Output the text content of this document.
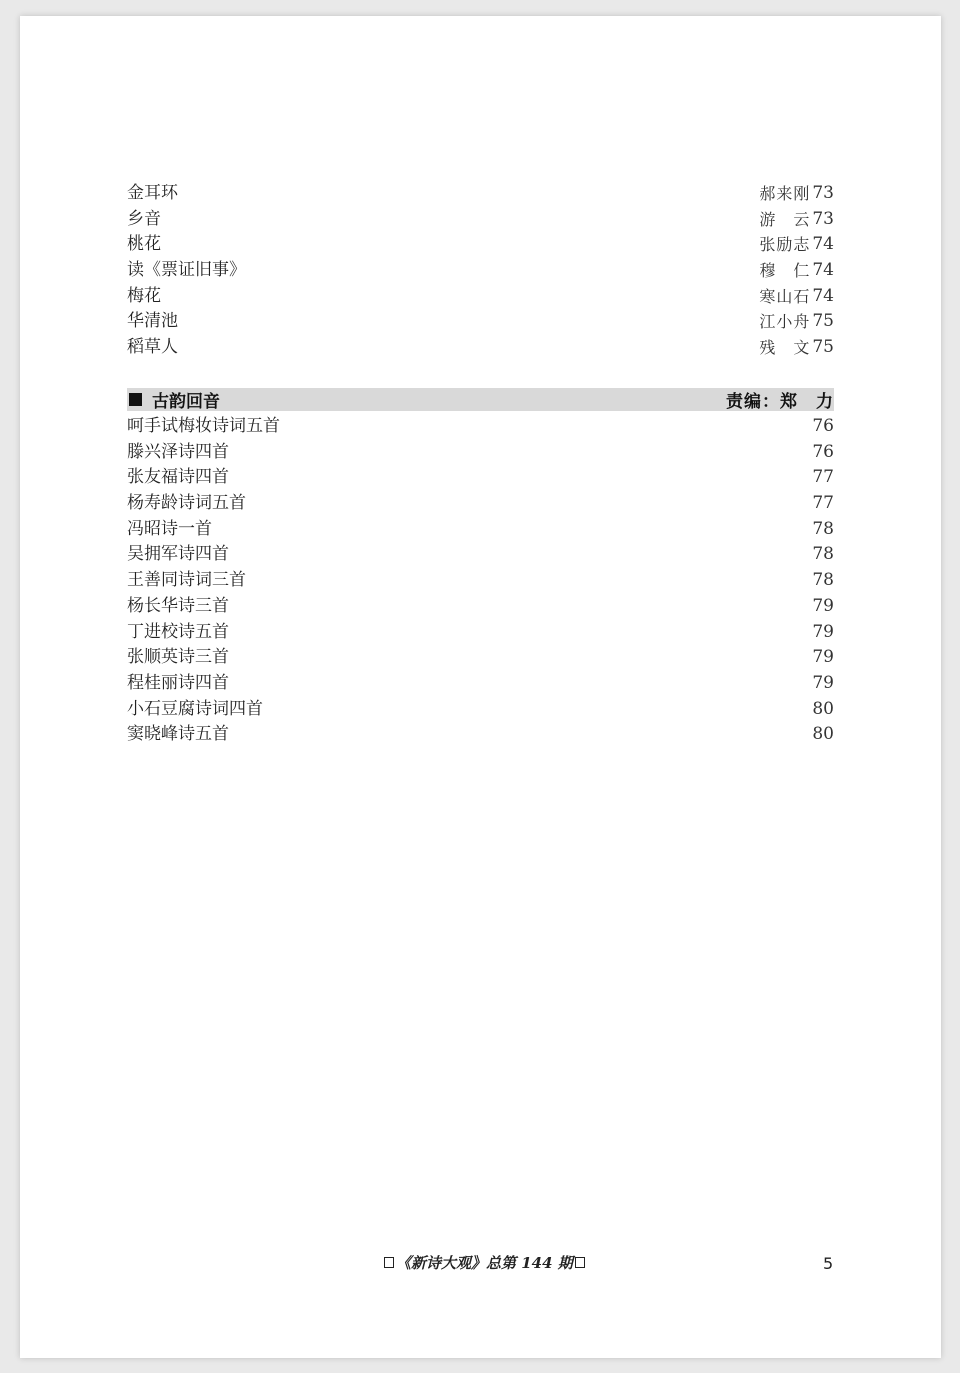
金耳环	郝来刚 73
乡音	游　云 73
桃花	张励志 74
读《票证旧事》	穆　仁 74
梅花	寒山石 74
华清池	江小舟 75
稻草人	残　文 75
古韵回音	责编：郑　力
呵手试梅妆诗词五首	76
滕兴泽诗四首	76
张友福诗四首	77
杨寿龄诗词五首	77
冯昭诗一首	78
吴拥军诗四首	78
王善同诗词三首	78
杨长华诗三首	79
丁进校诗五首	79
张顺英诗三首	79
程桂丽诗四首	79
小石豆腐诗词四首	80
窦晓峰诗五首	80
《新诗大观》总第 144 期	5
